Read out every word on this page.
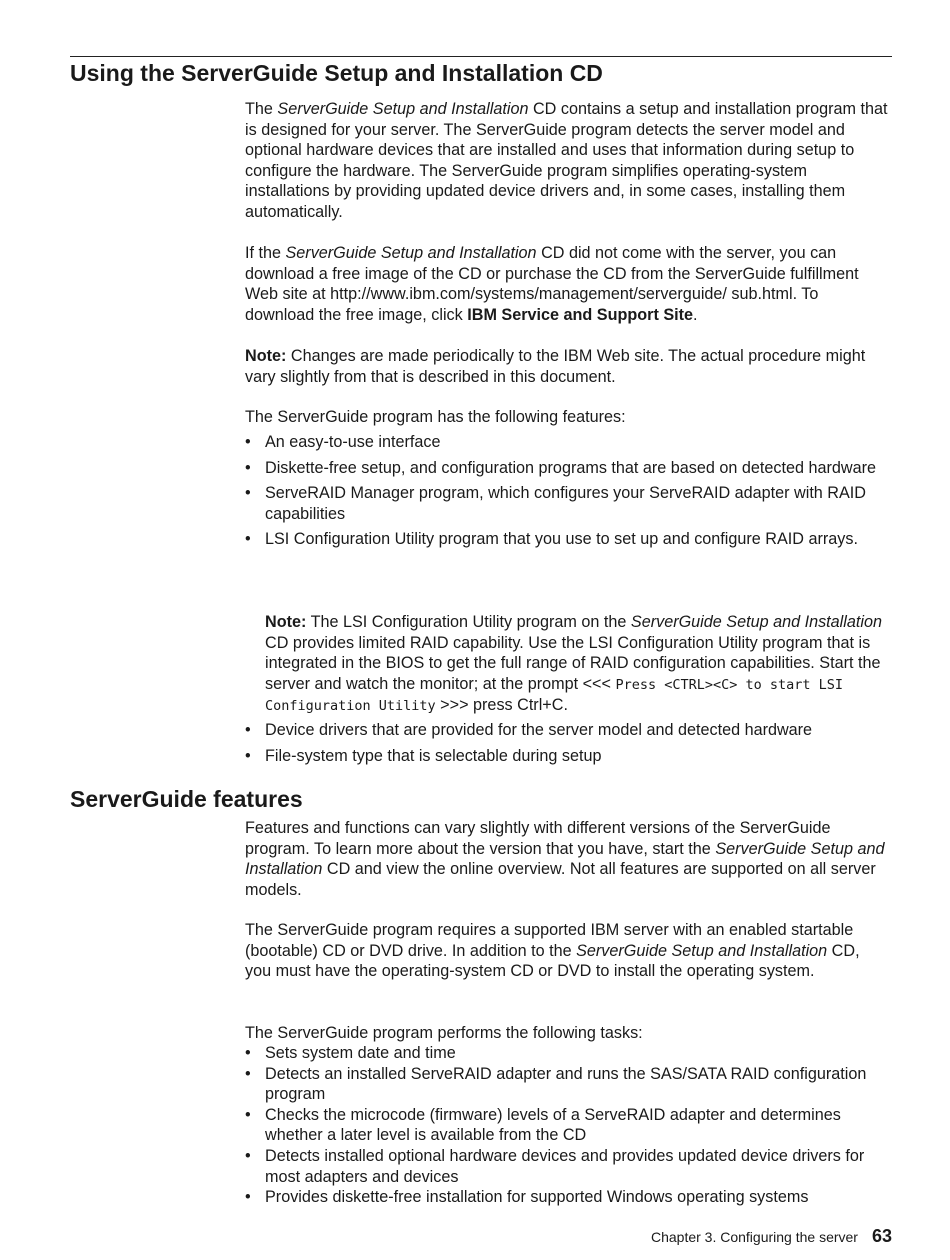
Using the ServerGuide Setup and Installation CD

The ServerGuide Setup and Installation CD contains a setup and installation program that is designed for your server. The ServerGuide program detects the server model and optional hardware devices that are installed and uses that information during setup to configure the hardware. The ServerGuide program simplifies operating-system installations by providing updated device drivers and, in some cases, installing them automatically.

If the ServerGuide Setup and Installation CD did not come with the server, you can download a free image of the CD or purchase the CD from the ServerGuide fulfillment Web site at http://www.ibm.com/systems/management/serverguide/ sub.html. To download the free image, click IBM Service and Support Site.

Note: Changes are made periodically to the IBM Web site. The actual procedure might vary slightly from that is described in this document.

The ServerGuide program has the following features:

• An easy-to-use interface
• Diskette-free setup, and configuration programs that are based on detected hardware
• ServeRAID Manager program, which configures your ServeRAID adapter with RAID capabilities
• LSI Configuration Utility program that you use to set up and configure RAID arrays.

Note: The LSI Configuration Utility program on the ServerGuide Setup and Installation CD provides limited RAID capability. Use the LSI Configuration Utility program that is integrated in the BIOS to get the full range of RAID configuration capabilities. Start the server and watch the monitor; at the prompt <<< Press <CTRL><C> to start LSI Configuration Utility >>> press Ctrl+C.

• Device drivers that are provided for the server model and detected hardware
• File-system type that is selectable during setup
ServerGuide features

Features and functions can vary slightly with different versions of the ServerGuide program. To learn more about the version that you have, start the ServerGuide Setup and Installation CD and view the online overview. Not all features are supported on all server models.

The ServerGuide program requires a supported IBM server with an enabled startable (bootable) CD or DVD drive. In addition to the ServerGuide Setup and Installation CD, you must have the operating-system CD or DVD to install the operating system.

The ServerGuide program performs the following tasks:

• Sets system date and time
• Detects an installed ServeRAID adapter and runs the SAS/SATA RAID configuration program
• Checks the microcode (firmware) levels of a ServeRAID adapter and determines whether a later level is available from the CD
• Detects installed optional hardware devices and provides updated device drivers for most adapters and devices
• Provides diskette-free installation for supported Windows operating systems
Chapter 3. Configuring the server 63
